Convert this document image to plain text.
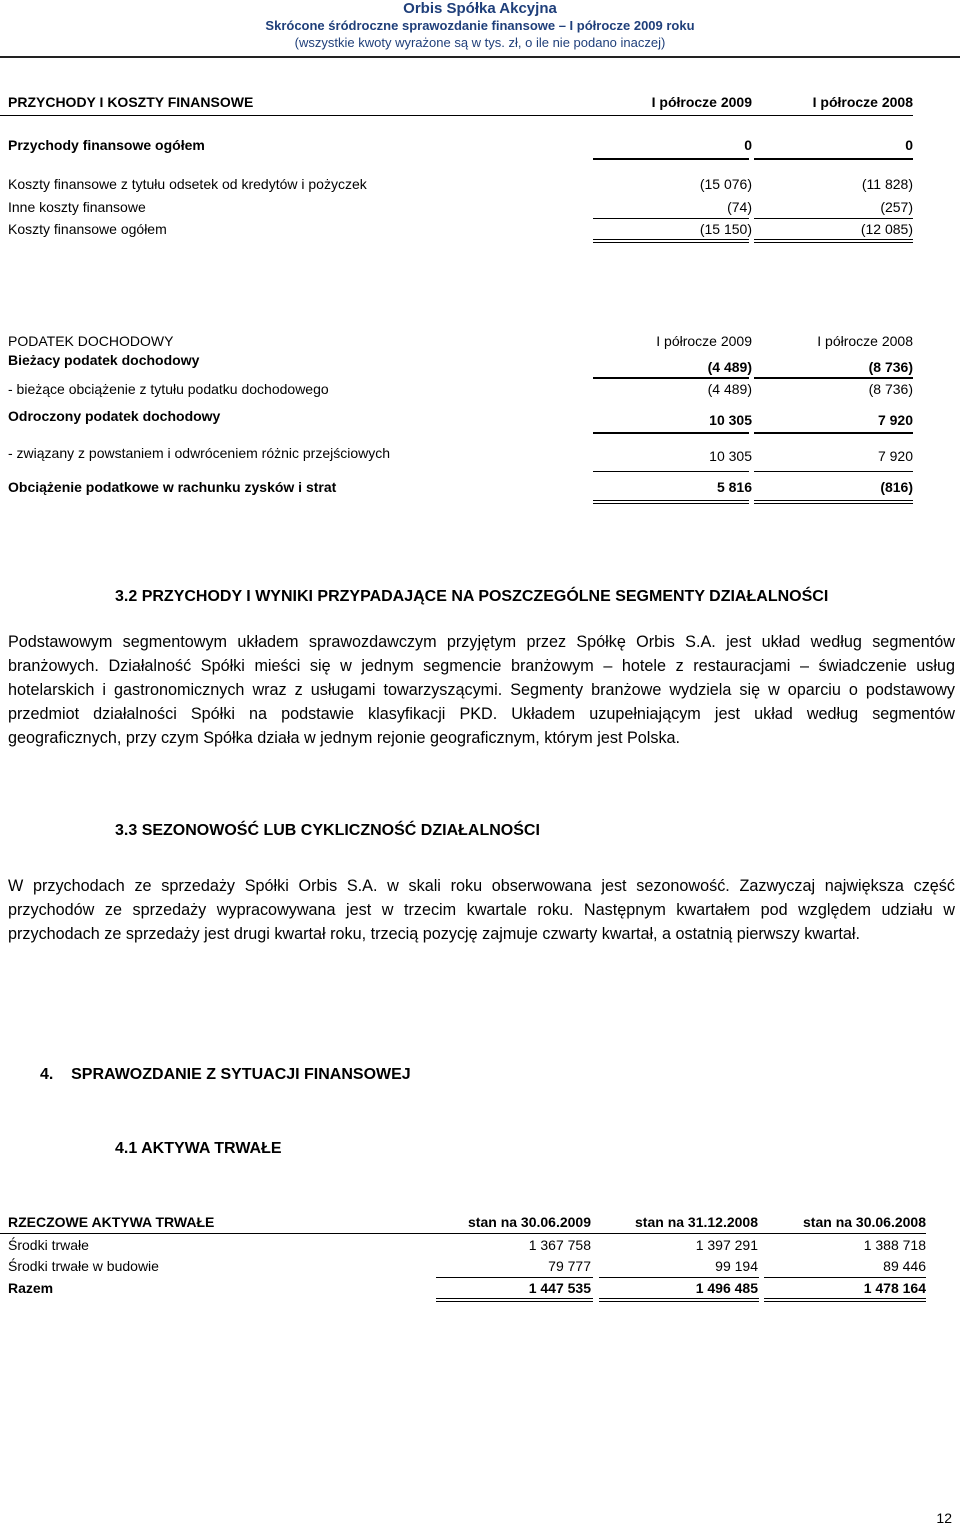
Orbis Spółka Akcyjna
Skrócone śródroczne sprawozdanie finansowe – I półrocze 2009 roku
(wszystkie kwoty wyrażone są w tys. zł, o ile nie podano inaczej)
PRZYCHODY I KOSZTY FINANSOWE	I półrocze 2009	I półrocze 2008
Przychody finansowe ogółem	0	0
Koszty finansowe z tytułu odsetek od kredytów i pożyczek	(15 076)	(11 828)
Inne koszty finansowe	(74)	(257)
Koszty finansowe ogółem	(15 150)	(12 085)
PODATEK DOCHODOWY	I półrocze 2009	I półrocze 2008
Bieżacy podatek dochodowy	(4 489)	(8 736)
- bieżące obciążenie z tytułu podatku dochodowego	(4 489)	(8 736)
Odroczony podatek dochodowy	10 305	7 920
- związany z powstaniem i odwróceniem różnic przejściowych	10 305	7 920
Obciążenie podatkowe w rachunku zysków i strat	5 816	(816)
3.2 PRZYCHODY I WYNIKI PRZYPADAJĄCE NA POSZCZEGÓLNE SEGMENTY DZIAŁALNOŚCI
Podstawowym segmentowym układem sprawozdawczym przyjętym przez Spółkę Orbis S.A. jest układ według segmentów branżowych. Działalność Spółki mieści się w jednym segmencie branżowym – hotele z restauracjami – świadczenie usług hotelarskich i gastronomicznych wraz z usługami towarzyszącymi. Segmenty branżowe wydziela się w oparciu o podstawowy przedmiot działalności Spółki na podstawie klasyfikacji PKD. Układem uzupełniającym jest układ według segmentów geograficznych, przy czym Spółka działa w jednym rejonie geograficznym, którym jest Polska.
3.3 SEZONOWOŚĆ LUB CYKLICZNOŚĆ DZIAŁALNOŚCI
W przychodach ze sprzedaży Spółki Orbis S.A. w skali roku obserwowana jest sezonowość. Zazwyczaj największa część przychodów ze sprzedaży wypracowywana jest w trzecim kwartale roku. Następnym kwartałem pod względem udziału w przychodach ze sprzedaży jest drugi kwartał roku, trzecią pozycję zajmuje czwarty kwartał, a ostatnią pierwszy kwartał.
4.    SPRAWOZDANIE Z SYTUACJI FINANSOWEJ
4.1 AKTYWA TRWAŁE
RZECZOWE AKTYWA TRWAŁE	stan na 30.06.2009	stan na 31.12.2008	stan na 30.06.2008
Środki trwałe	1 367 758	1 397 291	1 388 718
Środki trwałe w budowie	79 777	99 194	89 446
Razem	1 447 535	1 496 485	1 478 164
12
